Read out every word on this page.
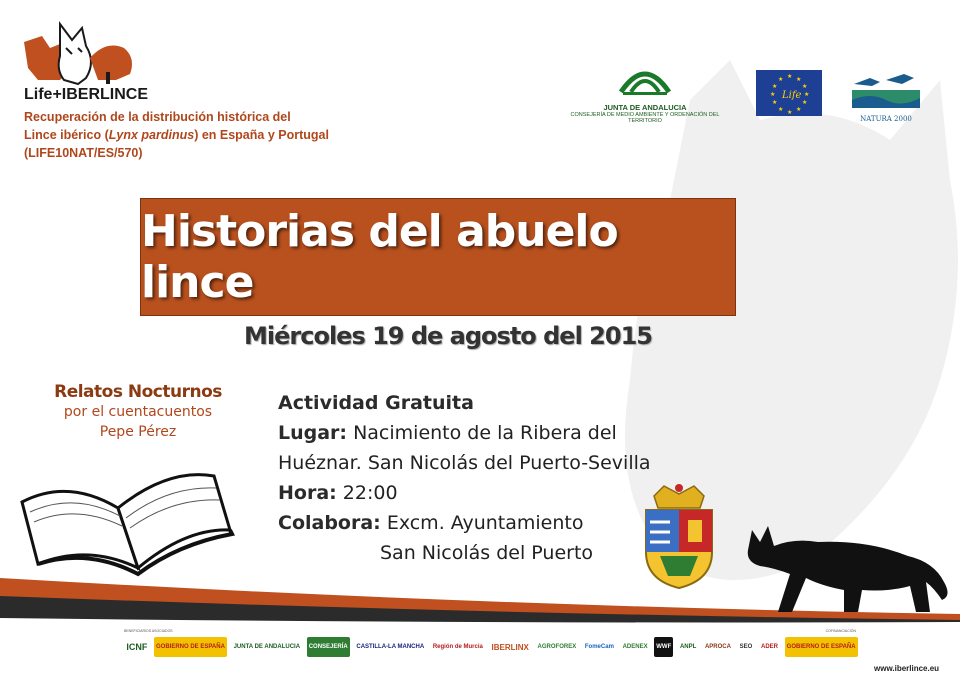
Life+IBERLINCE
Recuperación de la distribución histórica del
Lince ibérico (Lynx pardinus) en España y Portugal
(LIFE10NAT/ES/570)
JUNTA DE ANDALUCIA
CONSEJERÍA DE MEDIO AMBIENTE Y ORDENACIÓN DEL TERRITORIO
★ ★
★
★
★
★
★
★
★
★
★
★
Life
NATURA 2000
Historias del abuelo lince
Miércoles 19 de agosto del 2015
Relatos Nocturnos
por el cuentacuentos
Pepe Pérez
Actividad Gratuita
Lugar: Nacimiento de la Ribera del
Huéznar. San Nicolás del Puerto-Sevilla
Hora: 22:00
Colabora: Excm. Ayuntamiento
San Nicolás del Puerto
BENEFICIARIOS ASOCIADOS	COFINANCIACIÓN
ICNF	GOBIERNO DE ESPAÑA	JUNTA DE ANDALUCIA	CONSEJERÍA	CASTILLA-LA MANCHA	Región de Murcia IBERLINX	AGROFOREX	FomeCam	ADENEX	WWF	ANPL	APROCA	SEO	ADER	GOBIERNO DE ESPAÑA
www.iberlince.eu
